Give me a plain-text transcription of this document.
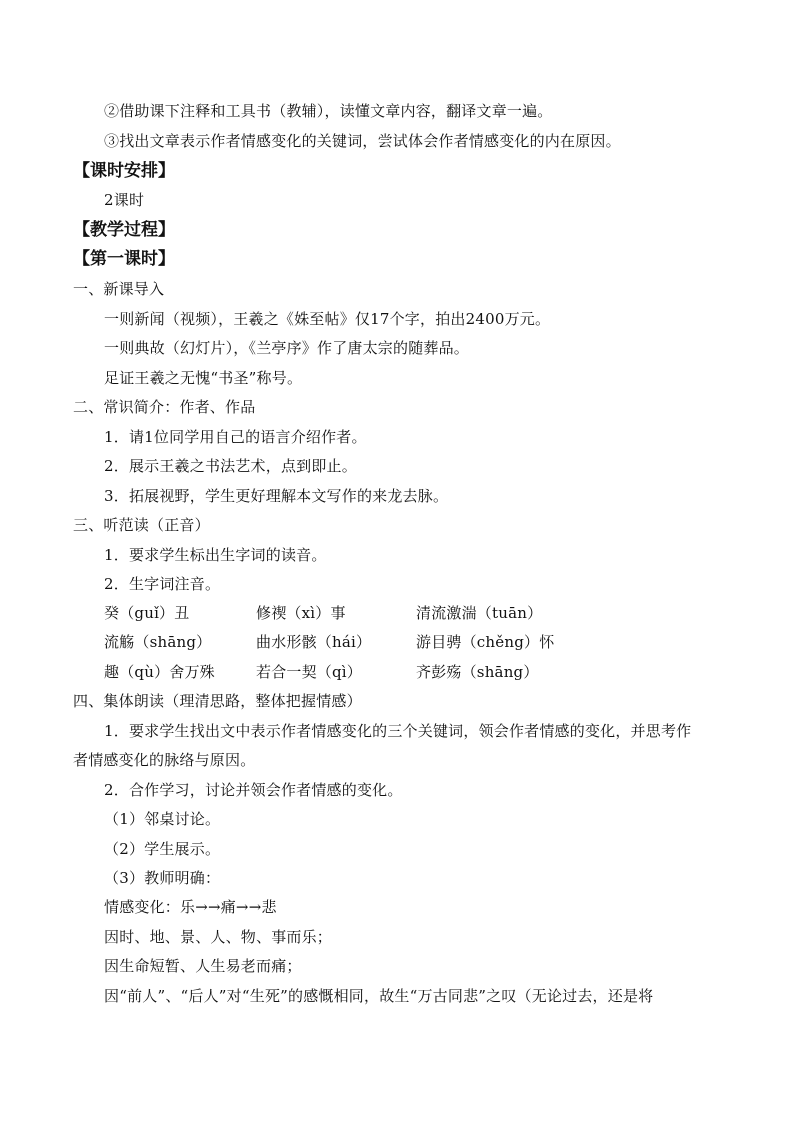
②借助课下注释和工具书（教辅），读懂文章内容，翻译文章一遍。
③找出文章表示作者情感变化的关键词，尝试体会作者情感变化的内在原因。
【课时安排】
2课时
【教学过程】
【第一课时】
一、新课导入
一则新闻（视频），王羲之《姝至帖》仅17个字，拍出2400万元。
一则典故（幻灯片），《兰亭序》作了唐太宗的随葬品。
足证王羲之无愧“书圣”称号。
二、常识简介：作者、作品
1．请1位同学用自己的语言介绍作者。
2．展示王羲之书法艺术，点到即止。
3．拓展视野，学生更好理解本文写作的来龙去脉。
三、听范读（正音）
1．要求学生标出生字词的读音。
2．生字词注音。
癸（guǐ）丑	修禊（xì）事	清流激湍（tuān）
流觞（shāng）	曲水形骸（hái）	游目骋（chěng）怀
趣（qù）舍万殊	若合一契（qì）	齐彭殇（shāng）
四、集体朗读（理清思路，整体把握情感）
1．要求学生找出文中表示作者情感变化的三个关键词，领会作者情感的变化，并思考作
者情感变化的脉络与原因。
2．合作学习，讨论并领会作者情感的变化。
（1）邻桌讨论。
（2）学生展示。
（3）教师明确：
情感变化：乐→→痛→→悲
因时、地、景、人、物、事而乐；
因生命短暂、人生易老而痛；
因“前人”、“后人”对“生死”的感慨相同，故生“万古同悲”之叹（无论过去，还是将
